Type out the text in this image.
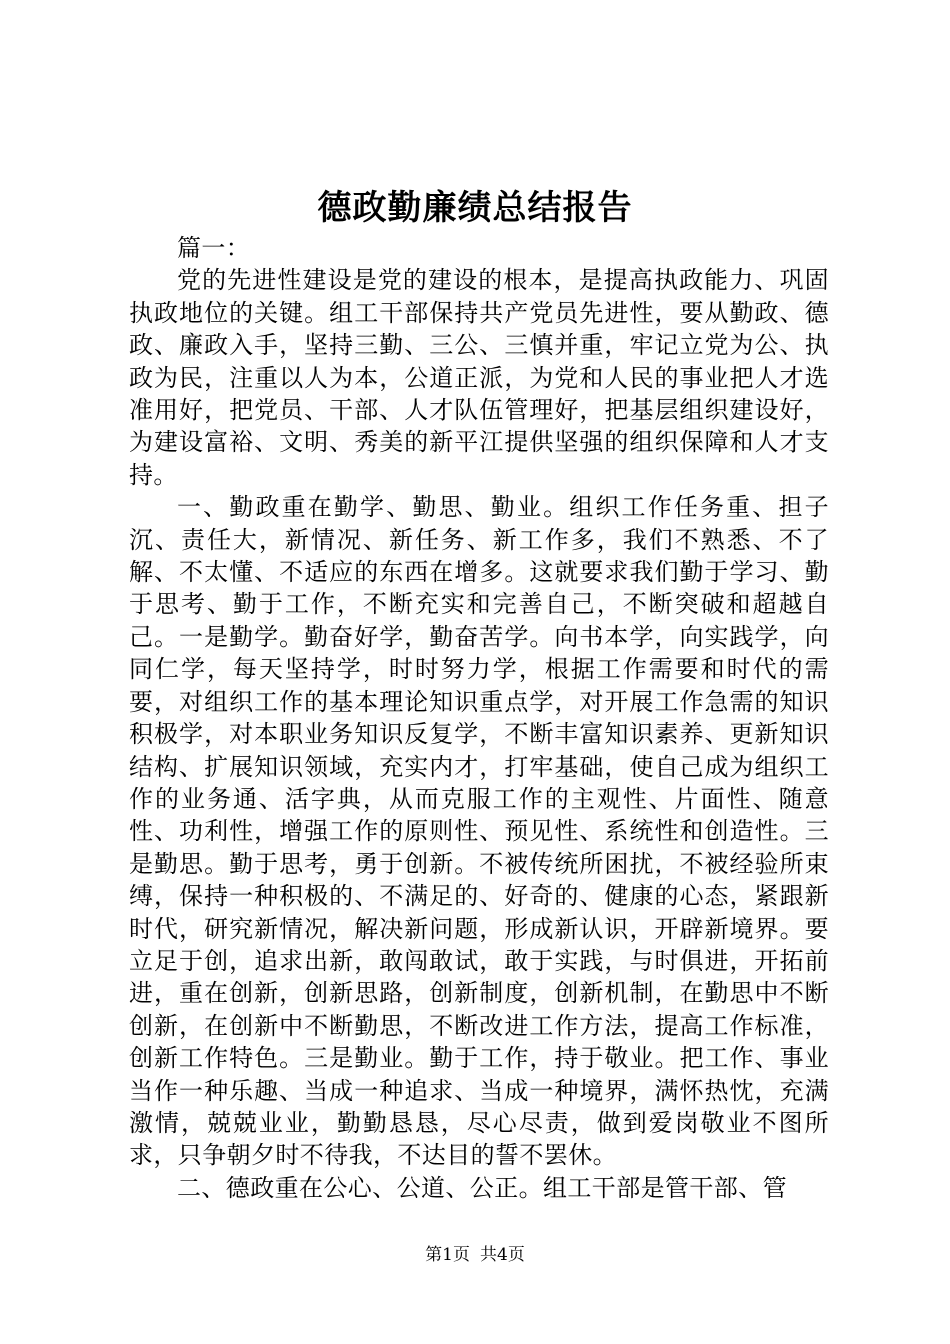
德政勤廉绩总结报告

篇一：

党的先进性建设是党的建设的根本，是提高执政能力、巩固执政地位的关键。组工干部保持共产党员先进性，要从勤政、德政、廉政入手，坚持三勤、三公、三慎并重，牢记立党为公、执政为民，注重以人为本，公道正派，为党和人民的事业把人才选准用好，把党员、干部、人才队伍管理好，把基层组织建设好，为建设富裕、文明、秀美的新平江提供坚强的组织保障和人才支持。

一、勤政重在勤学、勤思、勤业。组织工作任务重、担子沉、责任大，新情况、新任务、新工作多，我们不熟悉、不了解、不太懂、不适应的东西在增多。这就要求我们勤于学习、勤于思考、勤于工作，不断充实和完善自己，不断突破和超越自己。一是勤学。勤奋好学，勤奋苦学。向书本学，向实践学，向同仁学，每天坚持学，时时努力学，根据工作需要和时代的需要，对组织工作的基本理论知识重点学，对开展工作急需的知识积极学，对本职业务知识反复学，不断丰富知识素养、更新知识结构、扩展知识领域，充实内才，打牢基础，使自己成为组织工作的业务通、活字典，从而克服工作的主观性、片面性、随意性、功利性，增强工作的原则性、预见性、系统性和创造性。三是勤思。勤于思考，勇于创新。不被传统所困扰，不被经验所束缚，保持一种积极的、不满足的、好奇的、健康的心态，紧跟新时代，研究新情况，解决新问题，形成新认识，开辟新境界。要立足于创，追求出新，敢闯敢试，敢于实践，与时俱进，开拓前进，重在创新，创新思路，创新制度，创新机制，在勤思中不断创新，在创新中不断勤思，不断改进工作方法，提高工作标准，创新工作特色。三是勤业。勤于工作，持于敬业。把工作、事业当作一种乐趣、当成一种追求、当成一种境界，满怀热忱，充满激情，兢兢业业，勤勤恳恳，尽心尽责，做到爱岗敬业不图所求，只争朝夕时不待我，不达目的誓不罢休。

二、德政重在公心、公道、公正。组工干部是管干部、管

第1页 共4页
